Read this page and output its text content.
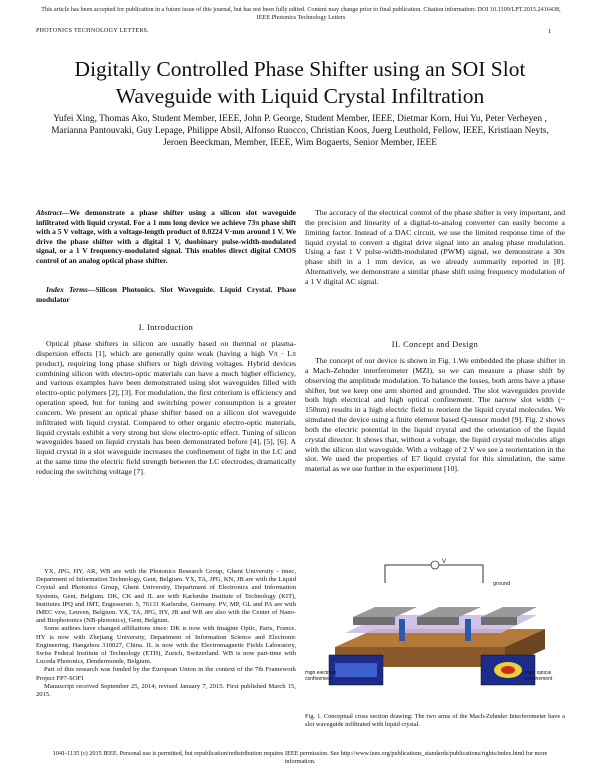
This article has been accepted for publication in a future issue of this journal, but has not been fully edited. Content may change prior to final publication. Citation information: DOI 10.1109/LPT.2015.2416438, IEEE Photonics Technology Letters
PHOTONICS TECHNOLOGY LETTERS.	1
Digitally Controlled Phase Shifter using an SOI Slot Waveguide with Liquid Crystal Infiltration
Yufei Xing, Thomas Ako, Student Member, IEEE, John P. George, Student Member, IEEE, Dietmar Korn, Hui Yu, Peter Verheyen , Marianna Pantouvaki, Guy Lepage, Philippe Absil, Alfonso Ruocco, Christian Koos, Juerg Leuthold, Fellow, IEEE, Kristiaan Neyts, Jeroen Beeckman, Member, IEEE, Wim Bogaerts, Senior Member, IEEE
Abstract—We demonstrate a phase shifter using a silicon slot waveguide infiltrated with liquid crystal. For a 1 mm long device we achieve 73π phase shift with a 5 V voltage, with a voltage-length product of 0.0224 V·mm around 1 V. We drive the phase shifter with a digital 1 V, duobinary pulse-width-modulated signal, or a 1 V frequency-modulated signal. This enables direct digital CMOS control of an analog optical phase shifter.
Index Terms—Silicon Photonics. Slot Waveguide. Liquid Crystal. Phase modulator
I. Introduction

Optical phase shifters in silicon are usually based on thermal or plasma-dispersion effects [1], which are generally quite weak (having a high Vπ · Lπ product), requiring long phase shifters or high driving voltages. Hybrid devices combining silicon with electro-optic materials can have a much higher efficiency, and various examples have been demonstrated using slot waveguides filled with electro-optic polymers [2], [3]. For modulation, the first criterium is efficiency and operation speed, but for tuning and switching power consumption is a greater concern. We present an optical phase shifter based on a silicon slot waveguide infiltrated with liquid crystal. Compared to other organic electro-optic materials, liquid crystals exhibit a very strong but slow electro-optic effect. Tuning of silicon waveguides based on liquid crystals has been demonstrated before [4], [5], [6]. A liquid crystal in a slot waveguide increases the confinement of light in the LC and at the same time the electric field strength between the LC electrodes, dramatically reducing the switching voltage [7].

YX, JPG, HY, AR, WB are with the Photonics Research Group, Ghent University - imec, Department of Information Technology, Gent, Belgium. YX, TA, JPG, KN, JB are with the Liquid Crystal and Photonics Group, Ghent University, Department of Electronics and Information Systems, Gent, Belgium. DK, CK and JL are with Karlsruhe Institute of Technology (KIT), Institutes IPQ and IMT, Engesserstr. 5, 76131 Karlsruhe, Germany. PV, MP, GL and PA are with IMEC vzw, Leuven, Belgium. YX, TA, JPG, HY, JB and WB are also with the Center of Nano- and Biophotonics (NB-photonics), Gent, Belgium.

Some authors have changed affiliations since: DK is now with Imagine Optic, Paris, France. HY is now with Zhejiang University, Department of Information Science and Electronic Engineering, Hangzhou 310027, China. JL is now with the Electromagnetic Fields Laboratory, Swiss Federal Institute of Technology (ETH), Zurich, Switzerland. WB is now part-time with Luceda Photonics, Dendermonde, Belgium.

Part of this research was funded by the European Union in the context of the 7th Framework Project FP7-SOFI

Manuscript received September 25, 2014; revised January 7, 2015. First published March 15, 2015.

The accuracy of the electrical control of the phase shifter is very important, and the precision and linearity of a digital-to-analog converter can easily become a limiting factor. Instead of a DAC circuit, we use the limited response time of the liquid crystal to convert a digital drive signal into an analog phase modulation. Using a fast 1 V pulse-width-modulated (PWM) signal, we demonstrate a 30π phase shift in a 1 mm device, as we already summarily reported in [8]. Alternatively, we demonstrate a similar phase shift using frequency modulation of a 1 V digital AC signal.

II. Concept and Design

The concept of our device is shown in Fig. 1.We embedded the phase shifter in a Mach-Zehnder interferometer (MZI), so we can measure a phase shift by observing the amplitude modulation. To balance the losses, both arms have a phase shifter, but we keep one arm shorted and grounded. The slot waveguides provide both high electrical and high optical confinement. The narrow slot width (~ 150nm) results in a high electric field to reorient the liquid crystal molecules. We simulated the device using a finite element based Q-tensor model [9]. Fig. 2 shows both the electric potential in the liquid crystal and the orientation of the liquid crystal director. It shows that, without a voltage, the liquid crystal molecules align with the silicon slot waveguide. With a voltage of 2 V we see a reorientation in the slot. We used the properties of E7 liquid crystal for this simulation, the same material as we use further in the experiment [10].

V
ground
High electrical confinement
High optical confinement
Fig. 1. Conceptual cross section drawing: The two arms of the Mach-Zehnder Interferometer have a slot waveguide infiltrated with liquid crystal.
1041-1135 (c) 2015 IEEE. Personal use is permitted, but republication/redistribution requires IEEE permission. See http://www.ieee.org/publications_standards/publications/rights/index.html for more information.
